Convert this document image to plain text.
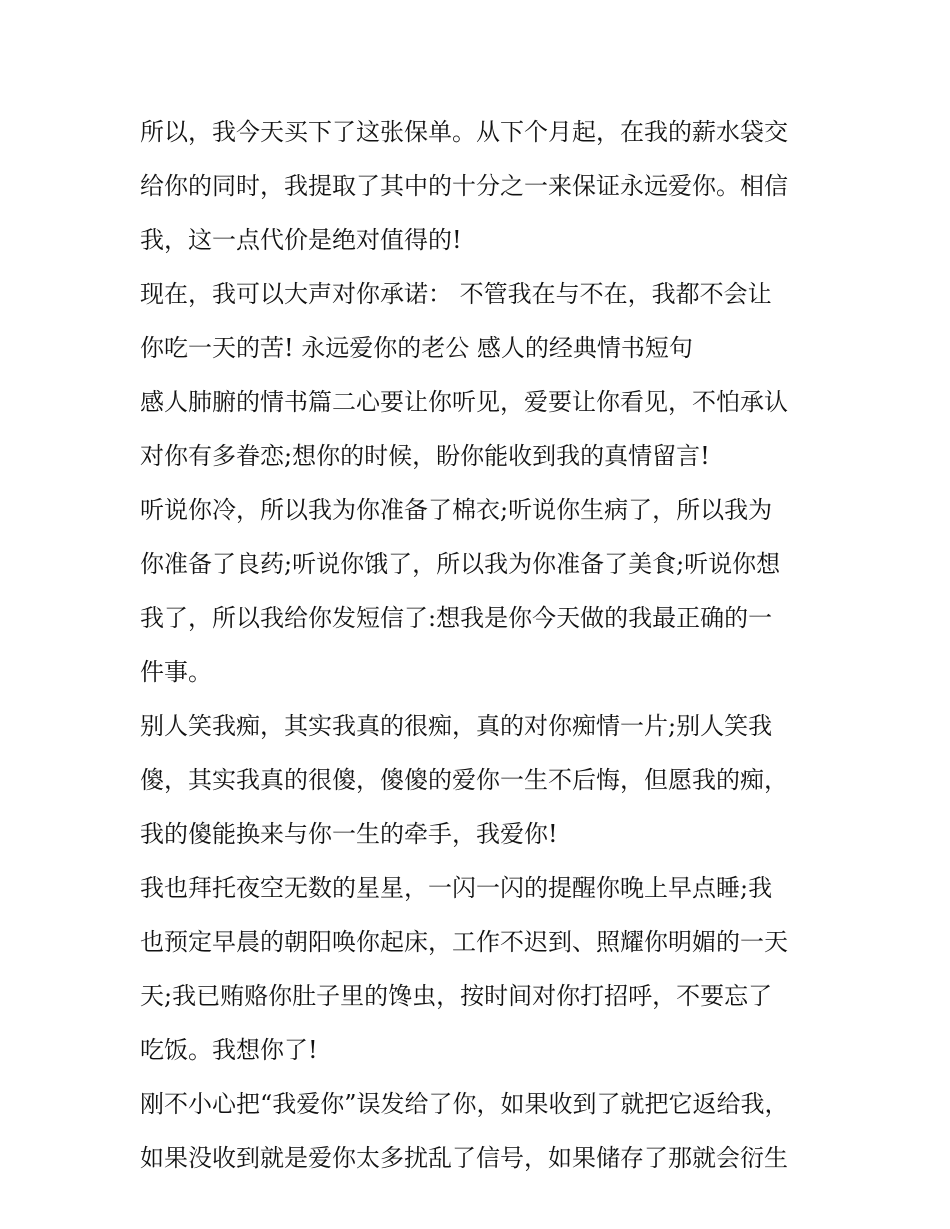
所以，我今天买下了这张保单。从下个月起，在我的薪水袋交
给你的同时，我提取了其中的十分之一来保证永远爱你。相信
我，这一点代价是绝对值得的!
现在，我可以大声对你承诺： 不管我在与不在，我都不会让
你吃一天的苦! 永远爱你的老公 感人的经典情书短句
感人肺腑的情书篇二心要让你听见，爱要让你看见，不怕承认
对你有多眷恋;想你的时候，盼你能收到我的真情留言!
听说你冷，所以我为你准备了棉衣;听说你生病了，所以我为
你准备了良药;听说你饿了，所以我为你准备了美食;听说你想
我了，所以我给你发短信了:想我是你今天做的我最正确的一
件事。
别人笑我痴，其实我真的很痴，真的对你痴情一片;别人笑我
傻，其实我真的很傻，傻傻的爱你一生不后悔，但愿我的痴，
我的傻能换来与你一生的牵手，我爱你!
我也拜托夜空无数的星星，一闪一闪的提醒你晚上早点睡;我
也预定早晨的朝阳唤你起床，工作不迟到、照耀你明媚的一天
天;我已贿赂你肚子里的馋虫，按时间对你打招呼，不要忘了
吃饭。我想你了!
刚不小心把“我爱你”误发给了你，如果收到了就把它返给我，
如果没收到就是爱你太多扰乱了信号，如果储存了那就会衍生
